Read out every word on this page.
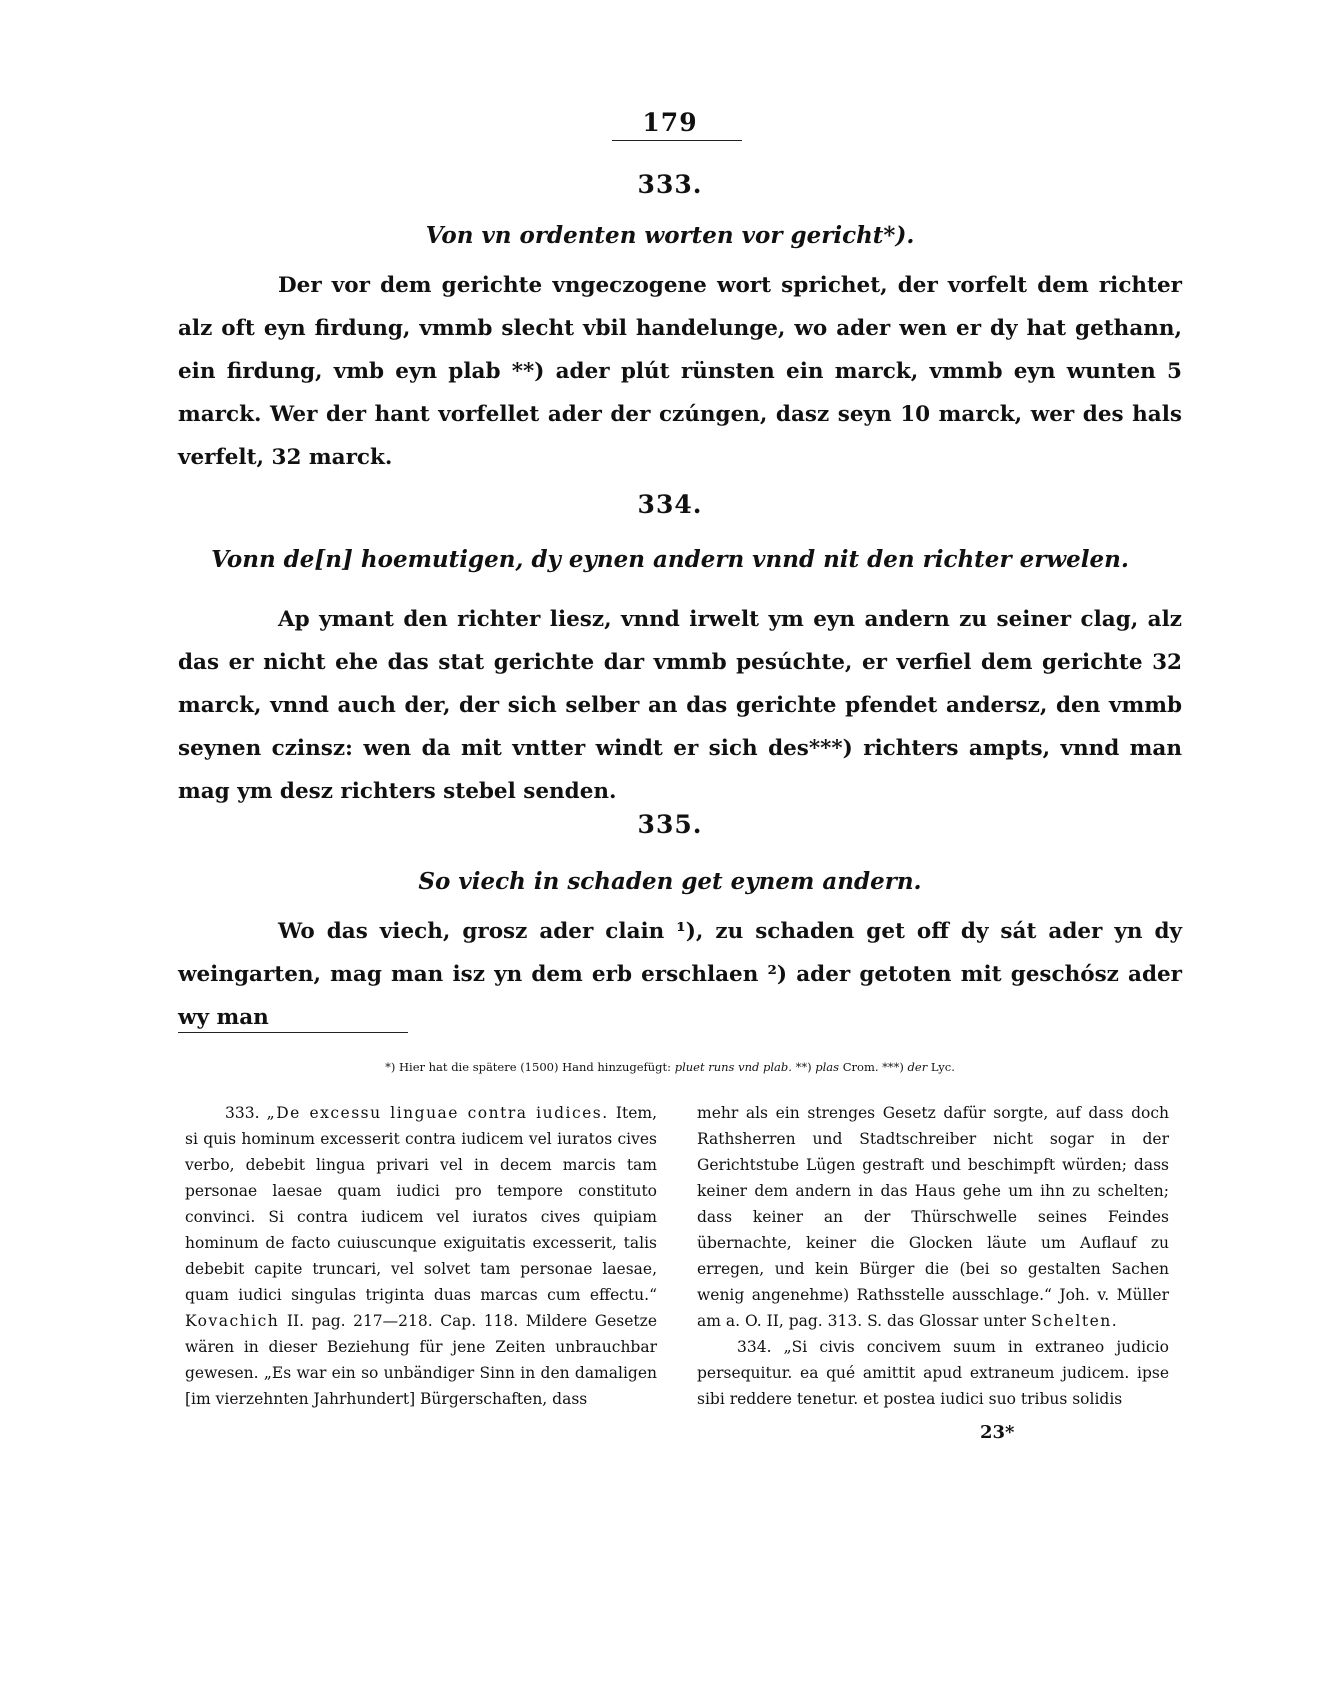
179
333.
Von vn ordenten worten vor gericht*).

Der vor dem gerichte vngeczogene wort sprichet, der vorfelt dem richter alz oft eyn firdung, vmmb slecht vbil handelunge, wo ader wen er dy hat gethann, ein firdung, vmb eyn plab **) ader plút rünsten ein marck, vmmb eyn wunten 5 marck. Wer der hant vorfellet ader der czúngen, dasz seyn 10 marck, wer des hals verfelt, 32 marck.

334.
Vonn de[n] hoemutigen, dy eynen andern vnnd nit den richter erwelen.

Ap ymant den richter liesz, vnnd irwelt ym eyn andern zu seiner clag, alz das er nicht ehe das stat gerichte dar vmmb pesúchte, er verfiel dem gerichte 32 marck, vnnd auch der, der sich selber an das gerichte pfendet andersz, den vmmb seynen czinsz: wen da mit vntter windt er sich des***) richters ampts, vnnd man mag ym desz richters stebel senden.

335.
So viech in schaden get eynem andern.

Wo das viech, grosz ader clain ¹), zu schaden get off dy sát ader yn dy weingarten, mag man isz yn dem erb erschlaen ²) ader getoten mit geschósz ader wy man

*) Hier hat die spätere (1500) Hand hinzugefügt: pluet runs vnd plab. **) plas Crom. ***) der Lyc.

333. „De excessu linguae contra iudices. Item, si quis hominum excesserit contra iudicem vel iuratos cives verbo, debebit lingua privari vel in decem marcis tam personae laesae quam iudici pro tempore constituto convinci. Si contra iudicem vel iuratos cives quipiam hominum de facto cuiuscunque exiguitatis excesserit, talis debebit capite truncari, vel solvet tam personae laesae, quam iudici singulas triginta duas marcas cum effectu.“ Kovachich II. pag. 217—218. Cap. 118. Mildere Gesetze wären in dieser Beziehung für jene Zeiten unbrauchbar gewesen. „Es war ein so unbändiger Sinn in den damaligen [im vierzehnten Jahrhundert] Bürgerschaften, dass

mehr als ein strenges Gesetz dafür sorgte, auf dass doch Rathsherren und Stadtschreiber nicht sogar in der Gerichtstube Lügen gestraft und beschimpft würden; dass keiner dem andern in das Haus gehe um ihn zu schelten; dass keiner an der Thürschwelle seines Feindes übernachte, keiner die Glocken läute um Auflauf zu erregen, und kein Bürger die (bei so gestalten Sachen wenig angenehme) Rathsstelle ausschlage.“ Joh. v. Müller am a. O. II, pag. 313. S. das Glossar unter Schelten.

334. „Si civis concivem suum in extraneo judicio persequitur. ea qué amittit apud extraneum judicem. ipse sibi reddere tenetur. et postea iudici suo tribus solidis

23*
